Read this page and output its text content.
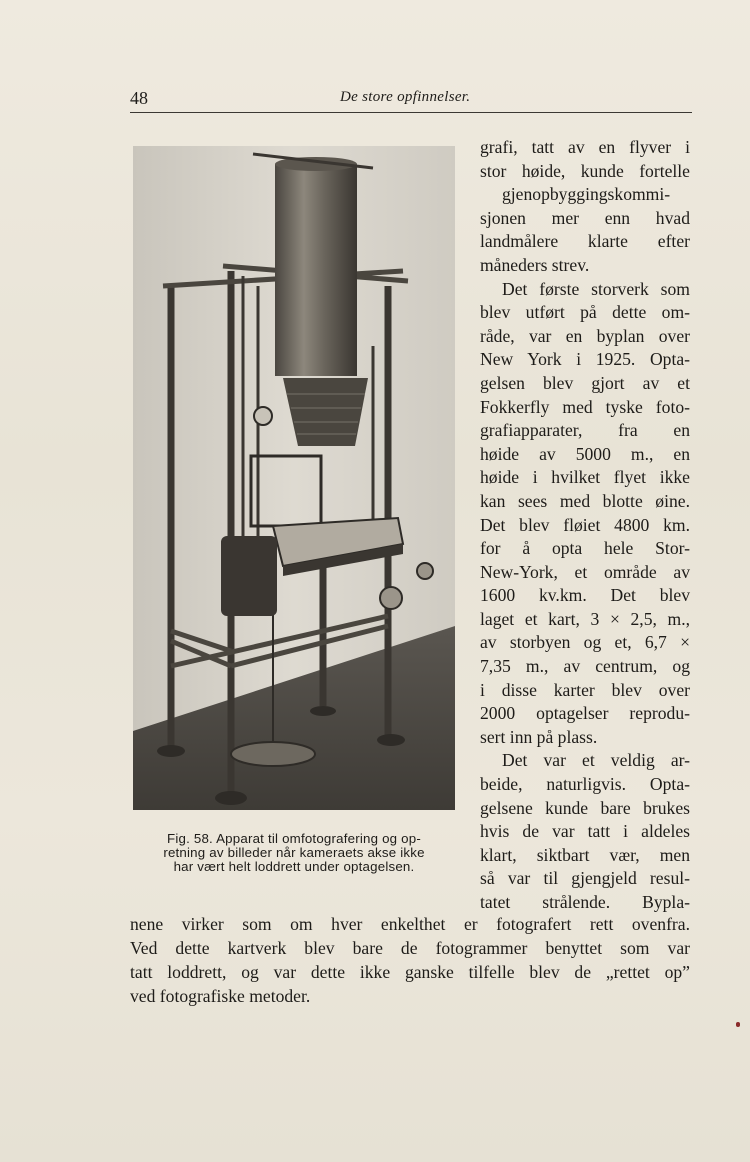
48	De store opfinnelser.
Fig. 58. Apparat til omfotografering og op-
retning av billeder når kameraets akse ikke
har vært helt loddrett under optagelsen.
grafi, tatt av en flyver i
stor høide, kunde fortelle
gjenopbyggingskommi-
sjonen mer enn hvad
landmålere klarte efter
måneders strev.
Det første storverk som
blev utført på dette om-
råde, var en byplan over
New York i 1925. Opta-
gelsen blev gjort av et
Fokkerfly med tyske foto-
grafiapparater, fra en
høide av 5000 m., en
høide i hvilket flyet ikke
kan sees med blotte øine.
Det blev fløiet 4800 km.
for å opta hele Stor-
New-York, et område av
1600 kv.km. Det blev
laget et kart, 3 × 2,5, m.,
av storbyen og et, 6,7 ×
7,35 m., av centrum, og
i disse karter blev over
2000 optagelser reprodu-
sert inn på plass.
Det var et veldig ar-
beide, naturligvis. Opta-
gelsene kunde bare brukes
hvis de var tatt i aldeles
klart, siktbart vær, men
så var til gjengjeld resul-
tatet strålende. Bypla-
nene virker som om hver enkelthet er fotografert rett ovenfra.
Ved dette kartverk blev bare de fotogrammer benyttet som var
tatt loddrett, og var dette ikke ganske tilfelle blev de „rettet op”
ved fotografiske metoder.
